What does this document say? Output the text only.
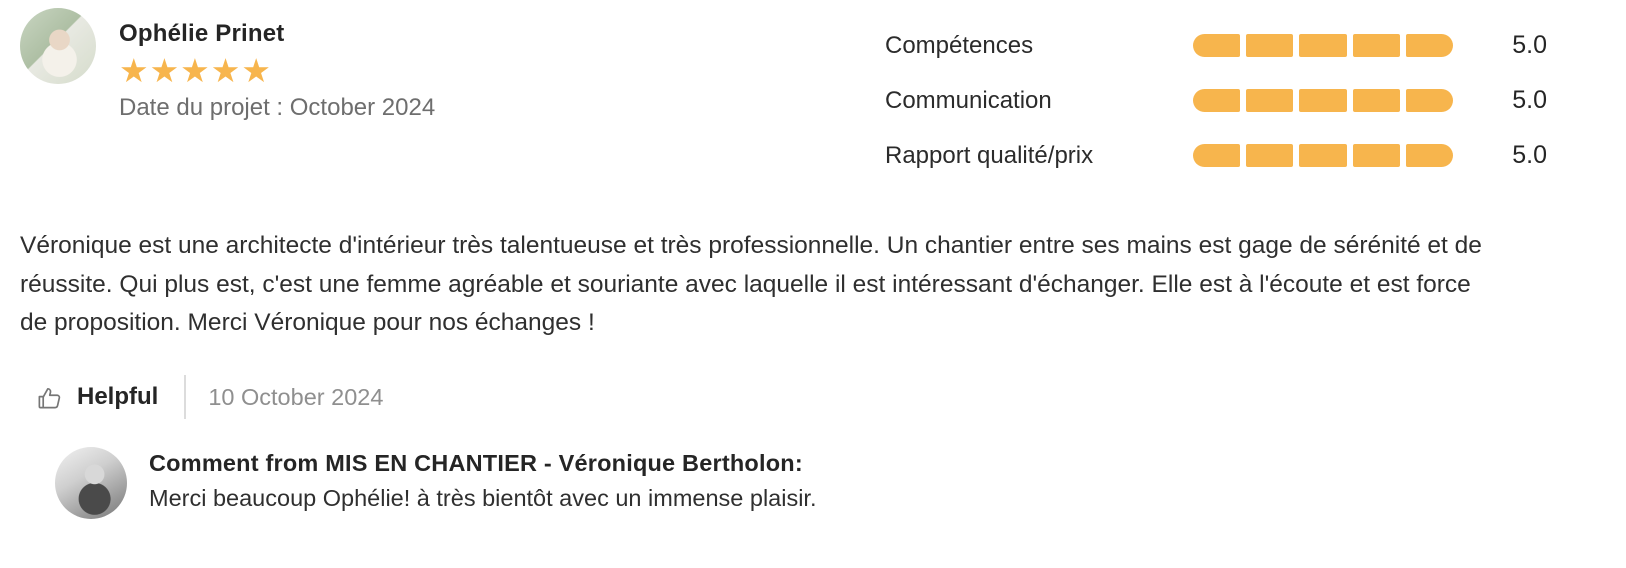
Ophélie Prinet
★★★★★
Date du projet : October 2024
Compétences	5.0
Communication	5.0
Rapport qualité/prix	5.0
Véronique est une architecte d'intérieur très talentueuse et très professionnelle. Un chantier entre ses mains est gage de sérénité et de réussite. Qui plus est, c'est une femme agréable et souriante avec laquelle il est intéressant d'échanger. Elle est à l'écoute et est force de proposition. Merci Véronique pour nos échanges !
Helpful 10 October 2024
Comment from MIS EN CHANTIER - Véronique Bertholon:
Merci beaucoup Ophélie! à très bientôt avec un immense plaisir.
